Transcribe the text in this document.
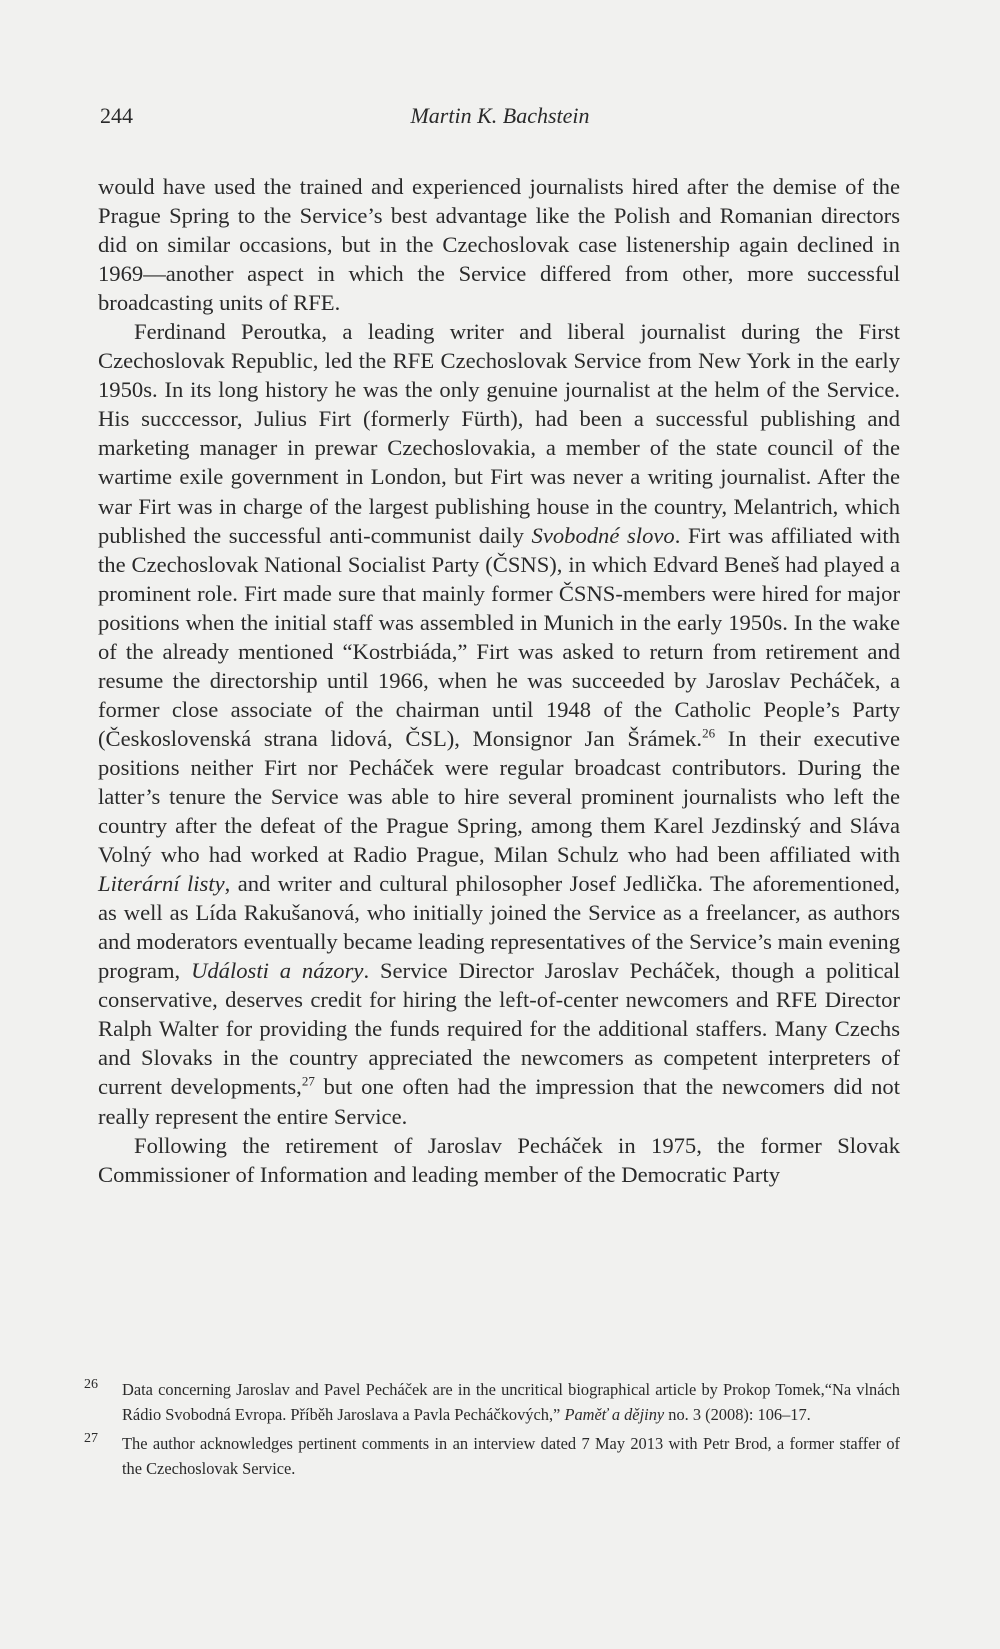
244	Martin K. Bachstein

would have used the trained and experienced journalists hired after the demise of the Prague Spring to the Service’s best advantage like the Polish and Romanian directors did on similar occasions, but in the Czechoslovak case listenership again declined in 1969—another aspect in which the Service differed from other, more successful broadcasting units of RFE.

Ferdinand Peroutka, a leading writer and liberal journalist during the First Czechoslovak Republic, led the RFE Czechoslovak Service from New York in the early 1950s. In its long history he was the only genuine journalist at the helm of the Service. His succcessor, Julius Firt (formerly Fürth), had been a successful publishing and marketing manager in prewar Czechoslovakia, a member of the state council of the wartime exile government in London, but Firt was never a writing journalist. After the war Firt was in charge of the largest publishing house in the country, Melantrich, which published the successful anti-communist daily Svobodné slovo. Firt was affiliated with the Czechoslovak National Socialist Party (ČSNS), in which Edvard Beneš had played a prominent role. Firt made sure that mainly former ČSNS-members were hired for major positions when the initial staff was assembled in Munich in the early 1950s. In the wake of the already mentioned “Kostrbiáda,” Firt was asked to return from retirement and resume the directorship until 1966, when he was succeeded by Jaroslav Pecháček, a former close associate of the chairman until 1948 of the Catholic People’s Party (Československá strana lidová, ČSL), Monsignor Jan Šrámek.$^{26}$ In their executive positions neither Firt nor Pecháček were regular broadcast contributors. During the latter’s tenure the Service was able to hire several prominent journalists who left the country after the defeat of the Prague Spring, among them Karel Jezdinský and Sláva Volný who had worked at Radio Prague, Milan Schulz who had been affiliated with Literární listy, and writer and cultural philosopher Josef Jedlička. The aforementioned, as well as Lída Rakušanová, who initially joined the Service as a freelancer, as authors and moderators eventually became leading representatives of the Service’s main evening program, Události a názory. Service Director Jaroslav Pecháček, though a political conservative, deserves credit for hiring the left-of-center newcomers and RFE Director Ralph Walter for providing the funds required for the additional staffers. Many Czechs and Slovaks in the country appreciated the newcomers as competent interpreters of current developments,$^{27}$ but one often had the impression that the newcomers did not really represent the entire Service.

Following the retirement of Jaroslav Pecháček in 1975, the former Slovak Commissioner of Information and leading member of the Democratic Party

26 Data concerning Jaroslav and Pavel Pecháček are in the uncritical biographical article by Prokop Tomek,“Na vlnách Rádio Svobodná Evropa. Příběh Jaroslava a Pavla Pecháčkových,” Paměť a dějiny no. 3 (2008): 106–17.
27 The author acknowledges pertinent comments in an interview dated 7 May 2013 with Petr Brod, a former staffer of the Czechoslovak Service.
